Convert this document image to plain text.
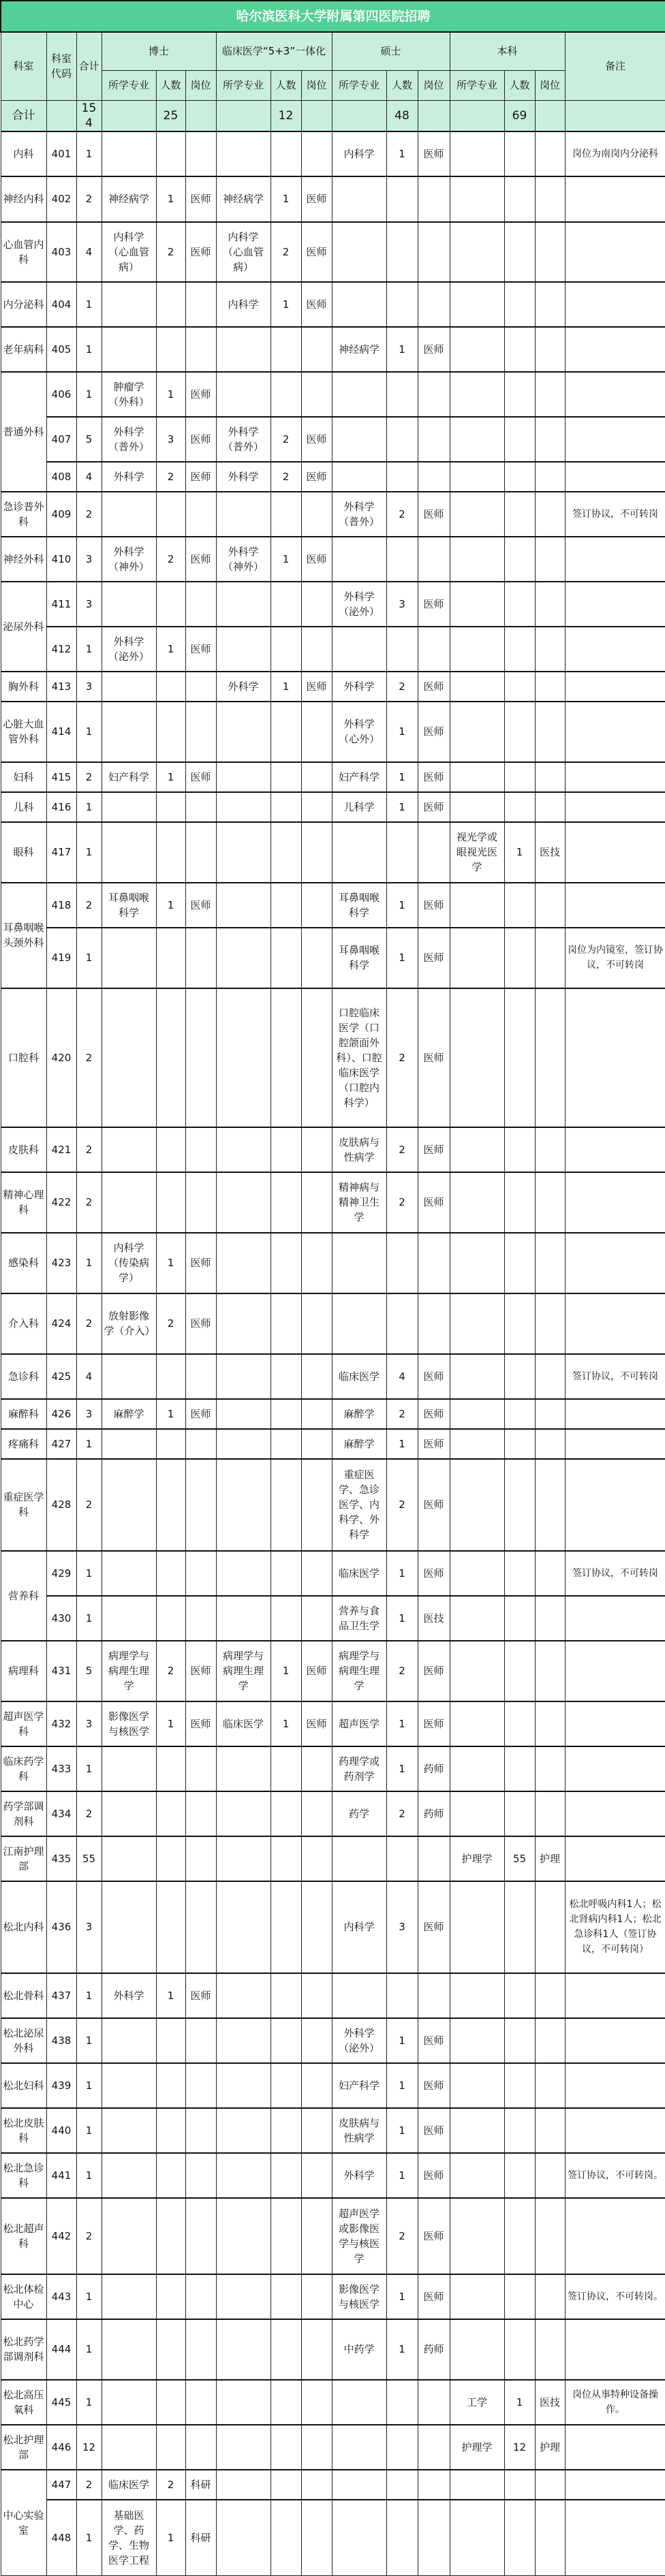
哈尔滨医科大学附属第四医院招聘															
科室	科室代码	合计	博士			临床医学“5+3”一体化			硕士			本科			备注
			所学专业	人数	岗位	所学专业	人数	岗位	所学专业	人数	岗位	所学专业	人数	岗位	
合计		154		25			12			48			69		
内科	401	1							内科学	1	医师				岗位为南岗内分泌科
神经内科	402	2	神经病学	1	医师	神经病学	1	医师							
心血管内科	403	4	内科学（心血管病）	2	医师	内科学（心血管病）	2	医师							
内分泌科	404	1				内科学	1	医师							
老年病科	405	1							神经病学	1	医师				
普通外科	406	1	肿瘤学（外科）	1	医师										
	407	5	外科学（普外）	3	医师	外科学（普外）	2	医师							
	408	4	外科学	2	医师	外科学	2	医师							
急诊普外科	409	2							外科学（普外）	2	医师				签订协议，不可转岗
神经外科	410	3	外科学（神外）	2	医师	外科学（神外）	1	医师							
泌尿外科	411	3							外科学（泌外）	3	医师				
	412	1	外科学（泌外）	1	医师										
胸外科	413	3				外科学	1	医师	外科学	2	医师				
心脏大血管外科	414	1							外科学（心外）	1	医师				
妇科	415	2	妇产科学	1	医师				妇产科学	1	医师				
儿科	416	1							儿科学	1	医师				
眼科	417	1										视光学或眼视光医学	1	医技	
耳鼻咽喉头颈外科	418	2	耳鼻咽喉科学	1	医师				耳鼻咽喉科学	1	医师				
	419	1							耳鼻咽喉科学	1	医师				岗位为内镜室，签订协议，不可转岗
口腔科	420	2							口腔临床医学（口腔颌面外科）、口腔临床医学（口腔内科学）	2	医师				
皮肤科	421	2							皮肤病与性病学	2	医师				
精神心理科	422	2							精神病与精神卫生学	2	医师				
感染科	423	1	内科学（传染病学）	1	医师										
介入科	424	2	放射影像学（介入）	2	医师										
急诊科	425	4							临床医学	4	医师				签订协议，不可转岗
麻醉科	426	3	麻醉学	1	医师				麻醉学	2	医师				
疼痛科	427	1							麻醉学	1	医师				
重症医学科	428	2							重症医学、急诊医学、内科学、外科学	2	医师				
营养科	429	1							临床医学	1	医师				签订协议，不可转岗
	430	1							营养与食品卫生学	1	医技				
病理科	431	5	病理学与病理生理学	2	医师	病理学与病理生理学	1	医师	病理学与病理生理学	2	医师				
超声医学科	432	3	影像医学与核医学	1	医师	临床医学	1	医师	超声医学	1	医师				
临床药学科	433	1							药理学或药剂学	1	药师				
药学部调剂科	434	2							药学	2	药师				
江南护理部	435	55										护理学	55	护理	
松北内科	436	3							内科学	3	医师				松北呼吸内科1人；松北肾病内科1人；松北急诊科1人（签订协议，不可转岗）
松北骨科	437	1	外科学	1	医师										
松北泌尿外科	438	1							外科学（泌外）	1	医师				
松北妇科	439	1							妇产科学	1	医师				
松北皮肤科	440	1							皮肤病与性病学	1	医师				
松北急诊科	441	1							外科学	1	医师				签订协议，不可转岗。
松北超声科	442	2							超声医学或影像医学与核医学	2	医师				
松北体检中心	443	1							影像医学与核医学	1	医师				签订协议，不可转岗。
松北药学部调剂科	444	1							中药学	1	药师				
松北高压氧科	445	1										工学	1	医技	岗位从事特种设备操作。
松北护理部	446	12										护理学	12	护理	
中心实验室	447	2	临床医学	2	科研										
	448	1	基础医学、药学、生物医学工程	1	科研										
